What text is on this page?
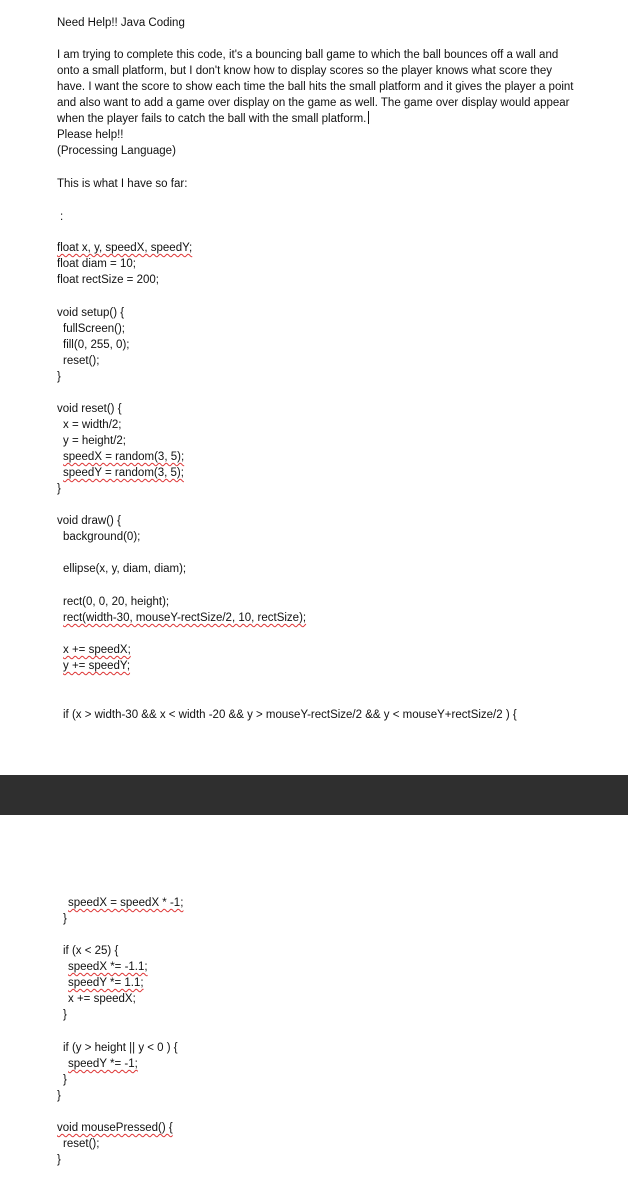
Need Help!! Java Coding
I am trying to complete this code, it's a bouncing ball game to which the ball bounces off a wall and onto a small platform, but I don't know how to display scores so the player knows what score they have. I want the score to show each time the ball hits the small platform and it gives the player a point and also want to add a game over display on the game as well. The game over display would appear when the player fails to catch the ball with the small platform.
Please help!!
(Processing Language)
This is what I have so far:
:
float x, y, speedX, speedY;
float diam = 10;
float rectSize = 200;
void setup() {
fullScreen();
fill(0, 255, 0);
reset();
}
void reset() {
x = width/2;
y = height/2;
speedX = random(3, 5);
speedY = random(3, 5);
}
void draw() {
background(0);
ellipse(x, y, diam, diam);
rect(0, 0, 20, height);
rect(width-30, mouseY-rectSize/2, 10, rectSize);
x += speedX;
y += speedY;
if (x > width-30 && x < width -20 && y > mouseY-rectSize/2 && y < mouseY+rectSize/2 ) {
speedX = speedX * -1;
}
if (x < 25) {
speedX *= -1.1;
speedY *= 1.1;
x += speedX;
}
if (y > height || y < 0 ) {
speedY *= -1;
}
}
void mousePressed() {
reset();
}
